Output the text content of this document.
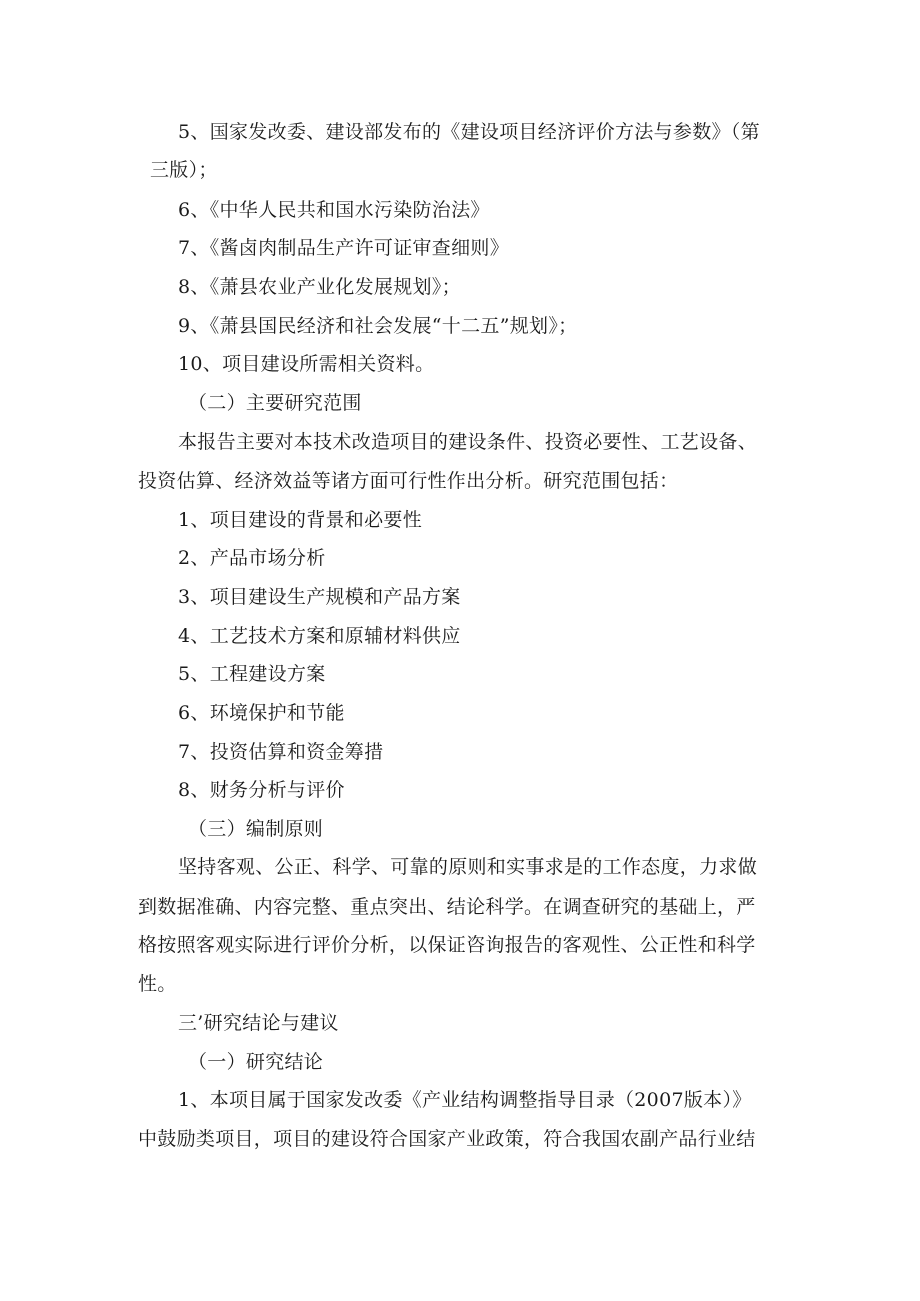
5、国家发改委、建设部发布的《建设项目经济评价方法与参数》（第
三版）；
6、《中华人民共和国水污染防治法》
7、《酱卤肉制品生产许可证审查细则》
8、《萧县农业产业化发展规划》；
9、《萧县国民经济和社会发展“十二五”规划》；
10、项目建设所需相关资料。
（二）主要研究范围
本报告主要对本技术改造项目的建设条件、投资必要性、工艺设备、
投资估算、经济效益等诸方面可行性作出分析。研究范围包括：
1、项目建设的背景和必要性
2、产品市场分析
3、项目建设生产规模和产品方案
4、工艺技术方案和原辅材料供应
5、工程建设方案
6、环境保护和节能
7、投资估算和资金筹措
8、财务分析与评价
（三）编制原则
坚持客观、公正、科学、可靠的原则和实事求是的工作态度，力求做
到数据准确、内容完整、重点突出、结论科学。在调查研究的基础上，严
格按照客观实际进行评价分析，以保证咨询报告的客观性、公正性和科学
性。
三’研究结论与建议
（一）研究结论
1、本项目属于国家发改委《产业结构调整指导目录（2007版本）》
中鼓励类项目，项目的建设符合国家产业政策，符合我国农副产品行业结
